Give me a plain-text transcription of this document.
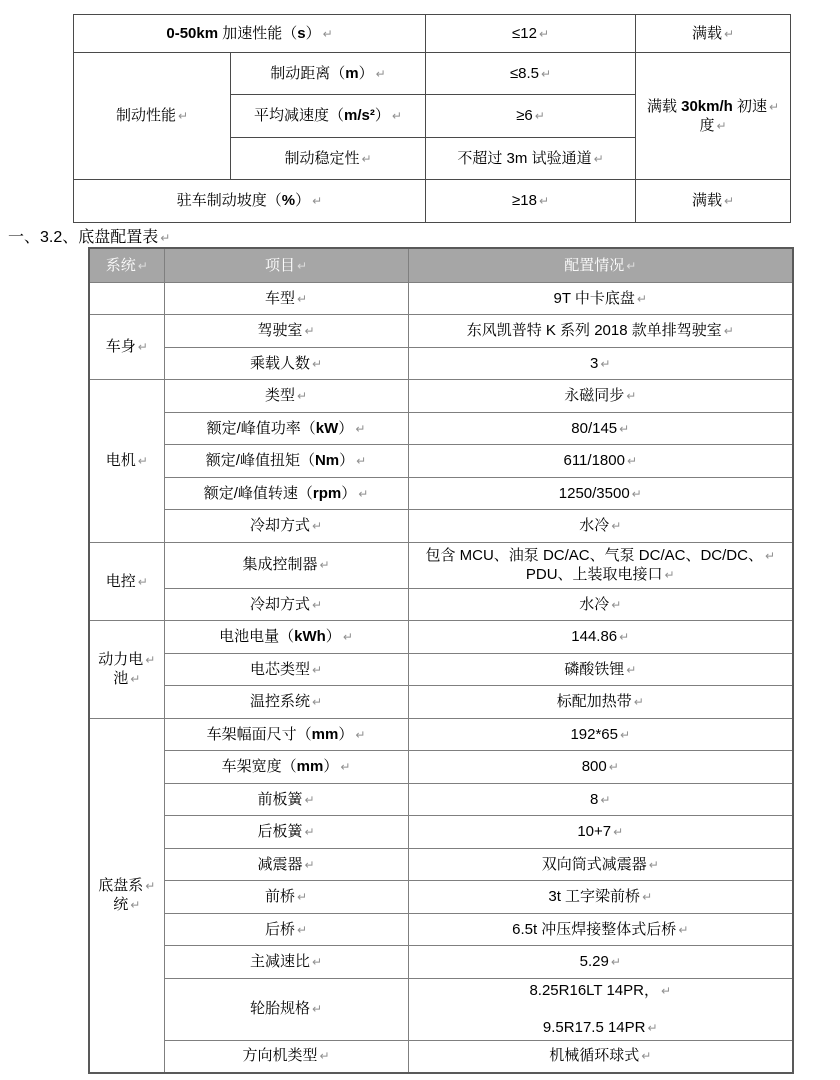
0-50km 加速性能（s） ↵		≤12 ↵	满载 ↵
制动性能 ↵	制动距离（m） ↵	≤8.5 ↵	满载 30km/h 初速 ↵
度 ↵

	平均减速度（m/s²） ↵	≥6 ↵	
	制动稳定性 ↵	不超过 3m 试验通道 ↵	
驻车制动坡度（%） ↵		≥18 ↵	满载 ↵
一、3.2、底盘配置表 ↵
系统 ↵	项目 ↵	配置情况 ↵
	车型 ↵	9T 中卡底盘 ↵
车身 ↵	驾驶室 ↵	东风凯普特 K 系列 2018 款单排驾驶室 ↵
	乘载人数 ↵	3 ↵
电机 ↵	类型 ↵	永磁同步 ↵
	额定/峰值功率（kW） ↵	80/145 ↵
	额定/峰值扭矩（Nm） ↵	611/1800 ↵
	额定/峰值转速（rpm） ↵	1250/3500 ↵
	冷却方式 ↵	水冷 ↵
电控 ↵	集成控制器 ↵	包含 MCU、油泵 DC/AC、气泵 DC/AC、DC/DC、 ↵
PDU、上装取电接口 ↵

	冷却方式 ↵	水冷 ↵

动力电 ↵
池 ↵	电池电量（kWh） ↵	144.86 ↵
	电芯类型 ↵	磷酸铁锂 ↵
	温控系统 ↵	标配加热带 ↵

底盘系 ↵
统 ↵	车架幅面尺寸（mm） ↵	192*65 ↵
	车架宽度（mm） ↵	800 ↵
	前板簧 ↵	8 ↵
	后板簧 ↵	10+7 ↵
	减震器 ↵	双向筒式减震器 ↵
	前桥 ↵	3t 工字梁前桥 ↵
	后桥 ↵	6.5t 冲压焊接整体式后桥 ↵
	主减速比 ↵	5.29 ↵
	轮胎规格 ↵	8.25R16LT 14PR， ↵
9.5R17.5 14PR ↵

	方向机类型 ↵	机械循环球式 ↵
